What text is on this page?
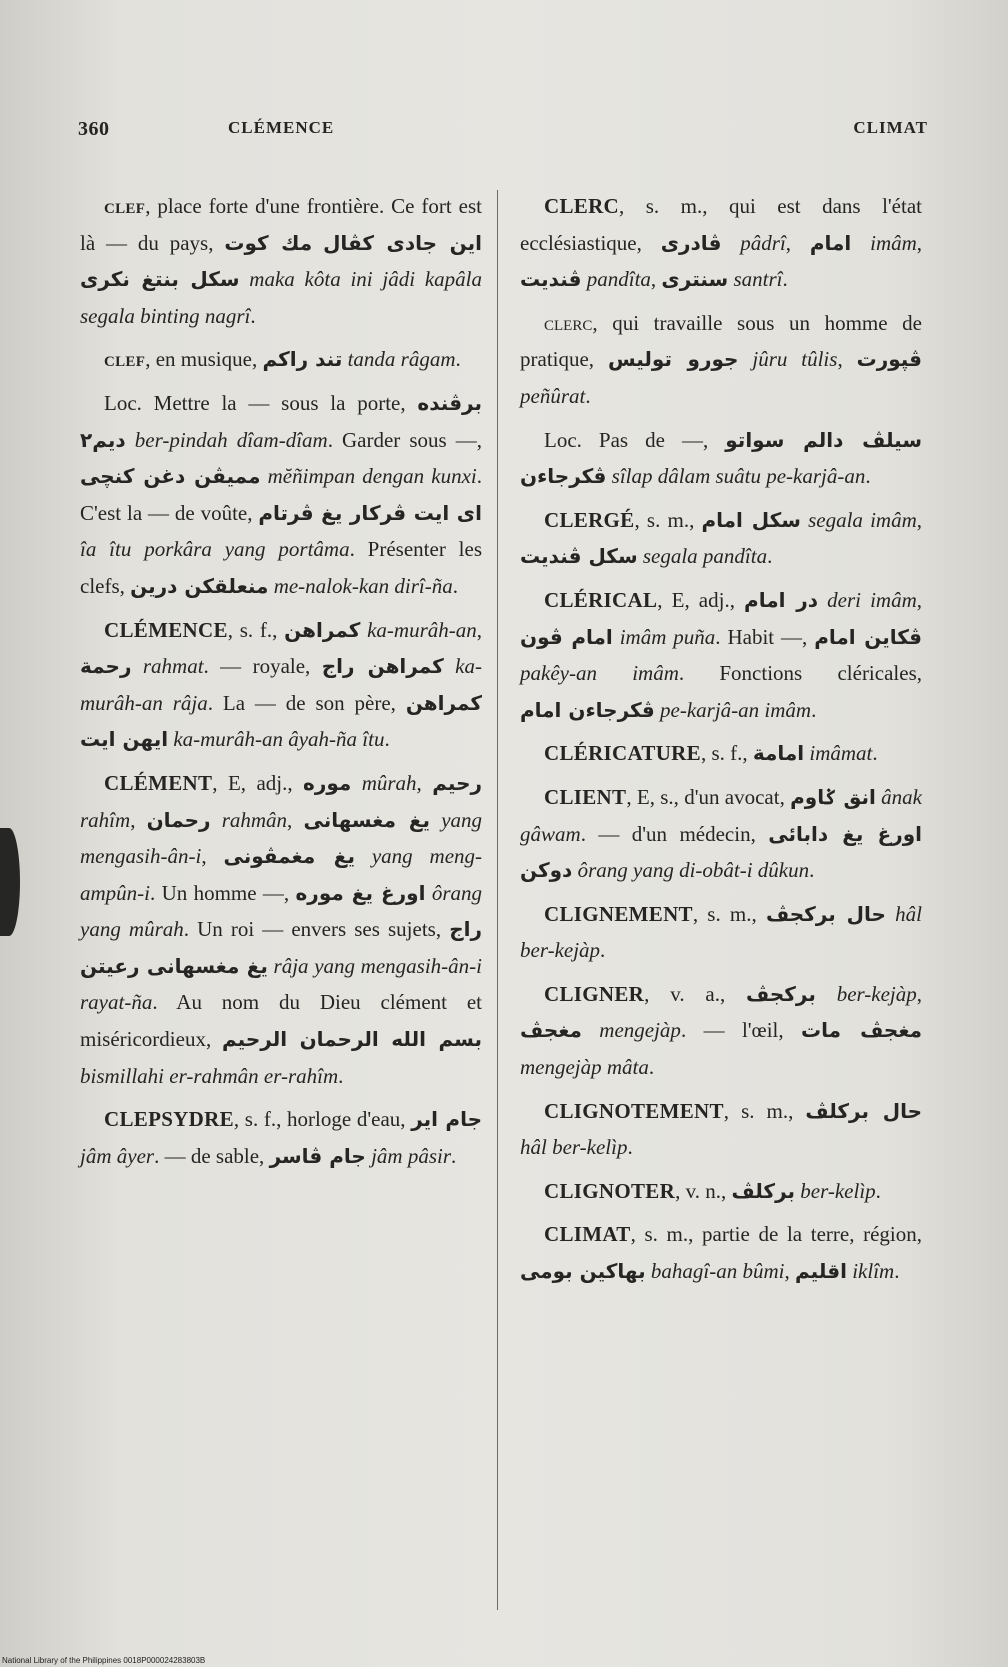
360	CLÉMENCE	CLIMAT

clef, place forte d'une frontière. Ce fort est là — du pays, مك كوت اين جادى كڤال سكل بنتغ نكرى maka kôta ini jâdi kapâla segala binting nagrî.

clef, en musique, تند راكم tanda râgam.

Loc. Mettre la — sous la porte, برڤنده ديم٢ ber-pindah dîam-dîam. Garder sous —, مميڤن دغن كنچى mĕñimpan dengan kunxi. C'est la — de voûte, اى ايت ڤركار يغ ڤرتام îa îtu porkâra yang portâma. Présenter les clefs, منعلقكن درين me-nalok-kan dirî-ña.

CLÉMENCE, s. f., كمراهن ka-murâh-an, رحمة rahmat. — royale, كمراهن راج ka-murâh-an râja. La — de son père, كمراهن ايهن ايت ka-murâh-an âyah-ña îtu.

CLÉMENT, E, adj., موره mûrah, رحيم rahîm, رحمان rahmân, يغ مغسهانى yang mengasih-ân-i, يغ مغمڤونى yang meng-ampûn-i. Un homme —, اورغ يغ موره ôrang yang mûrah. Un roi — envers ses sujets, راج يغ مغسهانى رعيتن râja yang mengasih-ân-i rayat-ña. Au nom du Dieu clément et miséricordieux, بسم الله الرحمان الرحيم bismillahi er-rahmân er-rahîm.

CLEPSYDRE, s. f., horloge d'eau, جام اير jâm âyer. — de sable, جام ڤاسر jâm pâsir.

CLERC, s. m., qui est dans l'état ecclésiastique, ڤادرى pâdrî, امام imâm, ڤنديت pandîta, سنترى santrî.

clerc, qui travaille sous un homme de pratique, جورو توليس jûru tûlis, ڤپورت peñûrat.

Loc. Pas de —, سيلڤ دالم سواتو ڤكرجاءن sîlap dâlam suâtu pe-karjâ-an.

CLERGÉ, s. m., سكل امام segala imâm, سكل ڤنديت segala pandîta.

CLÉRICAL, E, adj., در امام deri imâm, امام ڤون imâm puña. Habit —, ڤكاين امام pakêy-an imâm. Fonctions cléricales, ڤكرجاءن امام pe-karjâ-an imâm.

CLÉRICATURE, s. f., امامة imâmat.

CLIENT, E, s., d'un avocat, انق ݢاوم ânak gâwam. — d'un médecin, اورغ يغ دابائى دوكن ôrang yang di-obât-i dûkun.

CLIGNEMENT, s. m., حال بركجڤ hâl ber-kejàp.

CLIGNER, v. a., بركجڤ ber-kejàp, مغجڤ mengejàp. — l'œil, مغجڤ مات mengejàp mâta.

CLIGNOTEMENT, s. m., حال بركلڤ hâl ber-kelìp.

CLIGNOTER, v. n., بركلڤ ber-kelìp.

CLIMAT, s. m., partie de la terre, région, بهاكين بومى bahagî-an bûmi, اقليم iklîm.

National Library of the Philippines 0018P000024283803B
